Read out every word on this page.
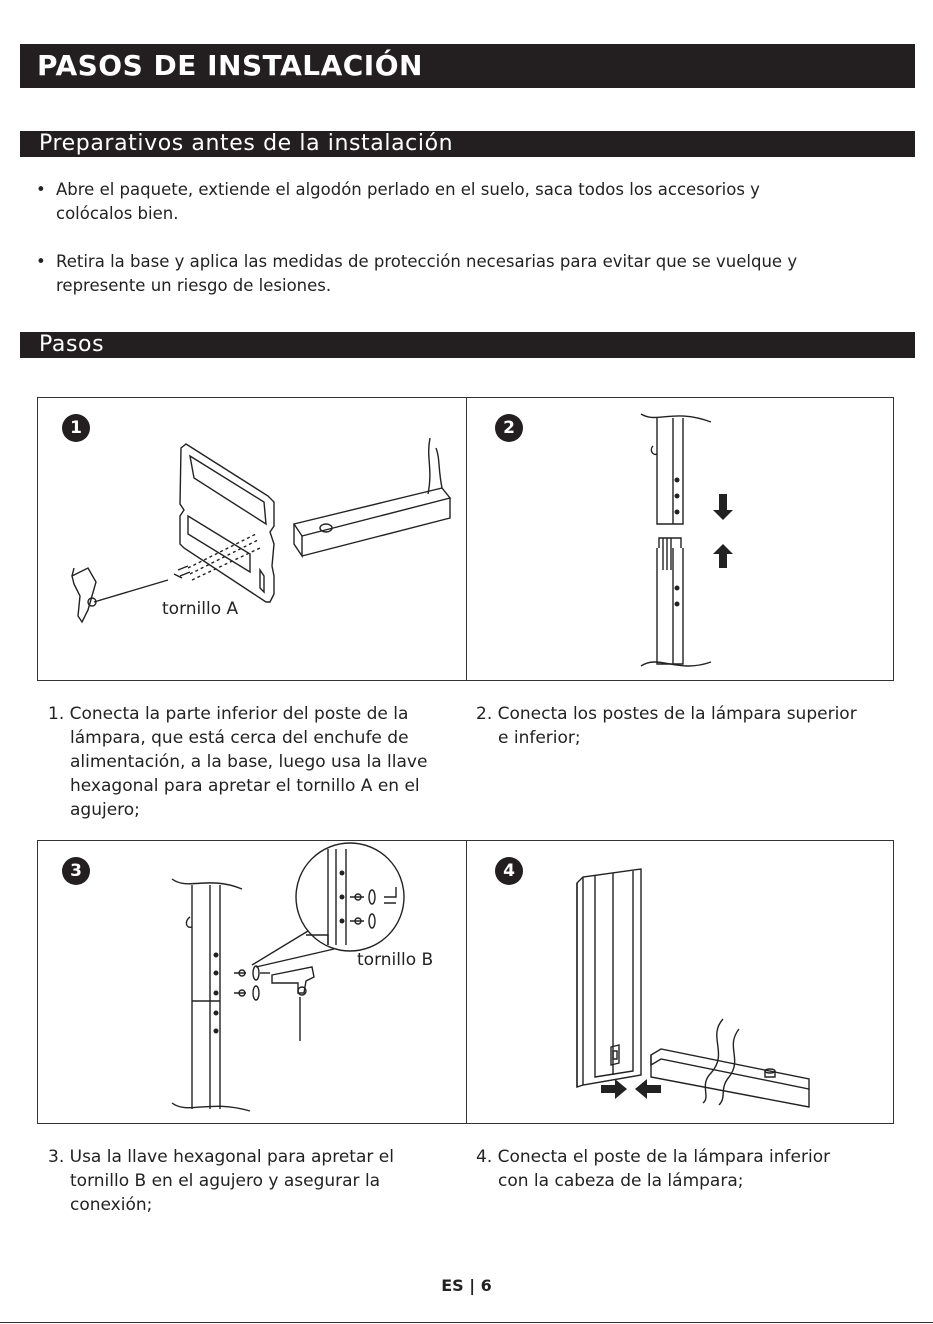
PASOS DE INSTALACIÓN
Preparativos antes de la instalación
• Abre el paquete, extiende el algodón perlado en el suelo, saca todos los accesorios y
colócalos bien.
• Retira la base y aplica las medidas de protección necesarias para evitar que se vuelque y
represente un riesgo de lesiones.
Pasos
1
tornillo A
2
1. Conecta la parte inferior del poste de la
lámpara, que está cerca del enchufe de
alimentación, a la base, luego usa la llave
hexagonal para apretar el tornillo A en el
agujero;
2. Conecta los postes de la lámpara superior
e inferior;
3
tornillo B
4
3. Usa la llave hexagonal para apretar el
tornillo B en el agujero y asegurar la
conexión;
4. Conecta el poste de la lámpara inferior
con la cabeza de la lámpara;
ES | 6
